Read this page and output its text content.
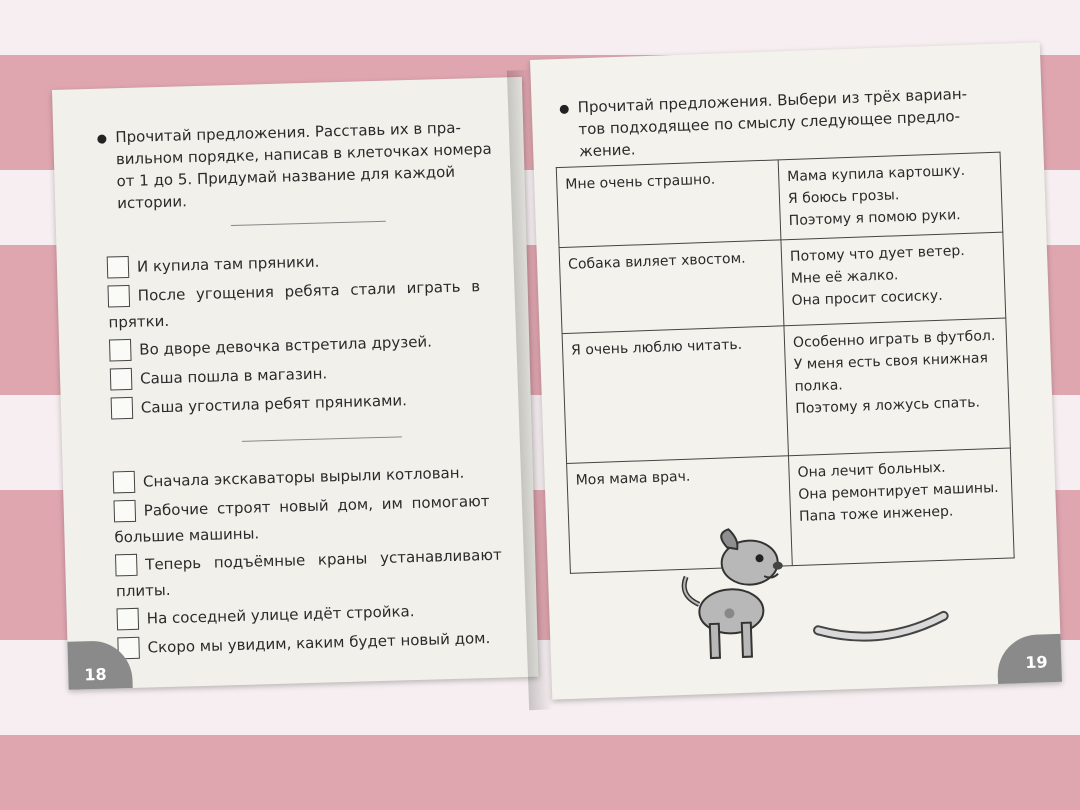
Прочитай предложения. Расставь их в пра-
вильном порядке, написав в клеточках номера
от 1 до 5. Придумай название для каждой
истории.
И купила там пряники.
После угощения ребята стали играть в
прятки.
Во дворе девочка встретила друзей.
Саша пошла в магазин.
Саша угостила ребят пряниками.
Сначала экскаваторы вырыли котлован.
Рабочие строят новый дом, им помогают
большие машины.
Теперь подъёмные краны устанавливают
плиты.
На соседней улице идёт стройка.
Скоро мы увидим, каким будет новый дом.
18
Прочитай предложения. Выбери из трёх вариан-
тов подходящее по смыслу следующее предло-
жение.
Мне очень страшно.	Мама купила картошку.
Я боюсь грозы.
Поэтому я помою руки.

Собака виляет хвостом.	Потому что дует ветер.
Мне её жалко.
Она просит сосиску.

Я очень люблю читать.	Особенно играть в футбол.
У меня есть своя книжная полка.
Поэтому я ложусь спать.

Моя мама врач.	Она лечит больных.
Она ремонтирует машины.
Папа тоже инженер.
19
